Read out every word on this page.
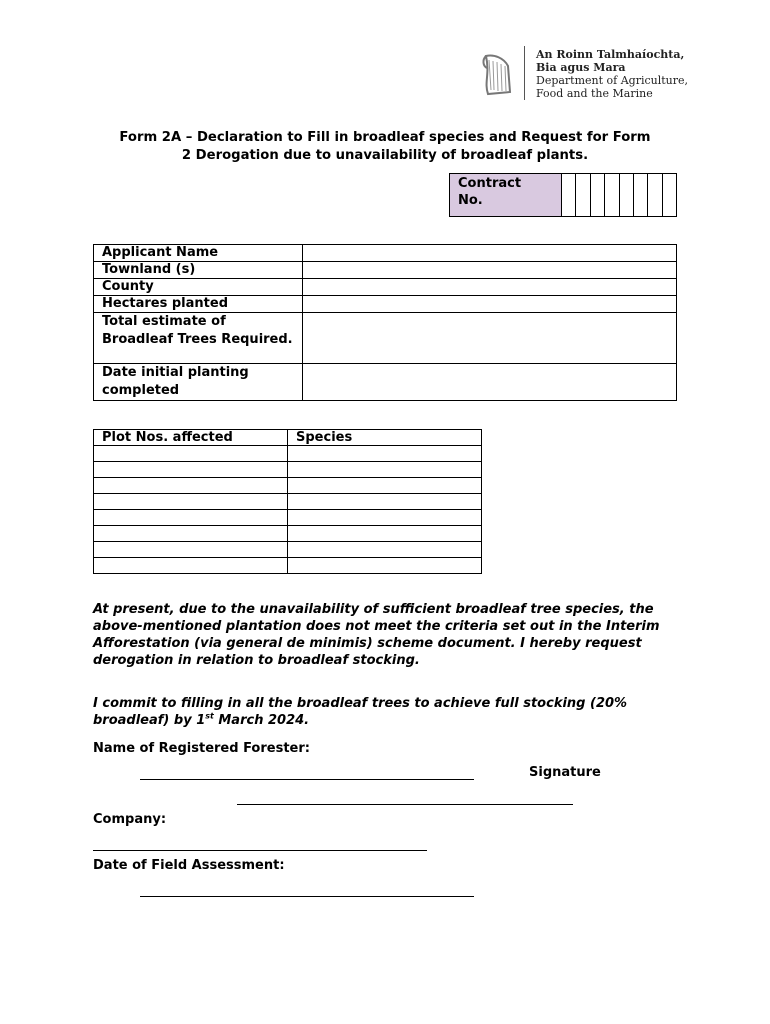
An Roinn Talmhaíochta,
Bia agus Mara
Department of Agriculture,
Food and the Marine
Form 2A – Declaration to Fill in broadleaf species and Request for Form
2 Derogation due to unavailability of broadleaf plants.
Contract
No.
Applicant Name	
Townland (s)	
County	
Hectares planted	
Total estimate of Broadleaf Trees Required.	
Date initial planting completed	
Plot Nos. affected	Species

At present, due to the unavailability of sufficient broadleaf tree species, the above-mentioned plantation does not meet the criteria set out in the Interim Afforestation (via general de minimis) scheme document. I hereby request derogation in relation to broadleaf stocking.
I commit to filling in all the broadleaf trees to achieve full stocking (20% broadleaf) by 1st March 2024.
Name of Registered Forester:
Signature
Company:
Date of Field Assessment:
